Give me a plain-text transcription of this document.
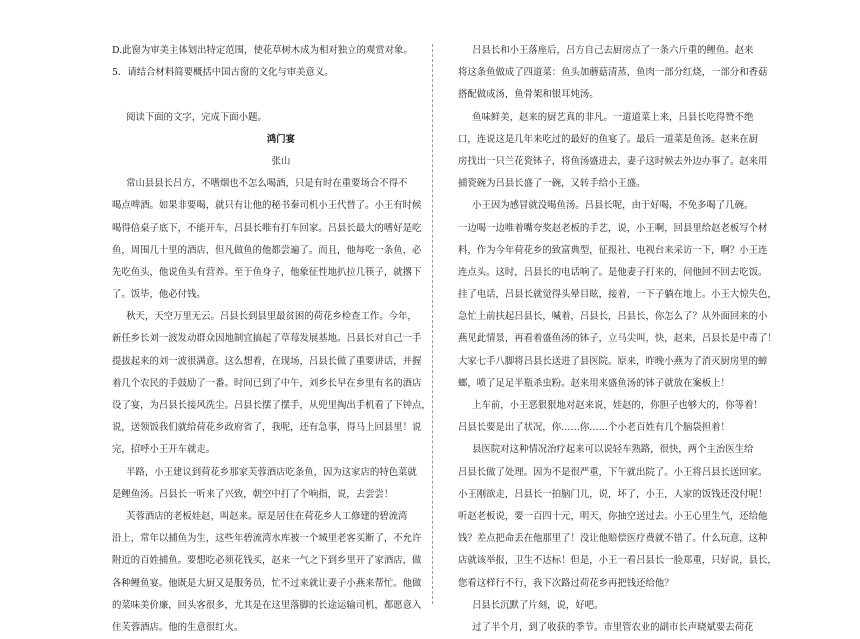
D.此窗为审美主体划出特定范围，使花草树木成为相对独立的观赏对象。
5．请结合材料简要概括中国古窗的文化与审美意义。
阅读下面的文字，完成下面小题。
鸿门宴
张山
常山县县长吕方，不嗜烟也不怎么喝酒，只是有时在重要场合不得不
喝点啤酒。如果非要喝，就只有让他的秘书秦司机小王代替了。小王有时候
喝得倍桌子底下，不能开车，吕县长唯有打车回家。吕县长最大的嗜好是吃
鱼，周围几十里的酒店，但凡做鱼的他都尝遍了。而且，他每吃一条鱼，必
先吃鱼头，他说鱼头有营养。至于鱼身子，他象征性地扒拉几筷子，就撂下
了。饭毕，他必付钱。
秋天，天空万里无云。吕县长到县里最贫困的荷花乡检查工作。今年，
新任乡长刘一波发动群众因地制宜搞起了草莓发展基地。吕县长对自己一手
提拔起来的刘一波很满意。这么想着，在现场，吕县长做了重要讲话，并握
着几个农民的手鼓励了一番。时间已到了中午，刘乡长早在乡里有名的酒店
设了宴，为吕县长接风洗尘。吕县长摆了摆手，从兜里掏出手机看了下钟点，
说，送领饭我们就给荷花乡政府省了，我呢，还有急事，得马上回县里！说
完，招呼小王开车就走。
半路，小王建议到荷花乡那家芙蓉酒店吃条鱼，因为这家店的特色菜就
是鲤鱼汤。吕县长一听来了兴致，朝空中打了个响指，说，去尝尝！
芙蓉酒店的老板娃赵，叫赵来。原是居住在荷花乡人工修建的碧流湾
沿上，常年以捕鱼为生，这些年碧流湾水库被一个城里老客买断了，不允许
附近的百姓捕鱼。要想吃必须花钱买，赵来一气之下到乡里开了家酒店，做
各种鲤鱼宴。他既是大厨又是服务员，忙不过来就让妻子小燕来帮忙。他做
的菜味美价廉，回头客很多，尤其是在这里落脚的长途运输司机，都愿意入
住芙蓉酒店。他的生意很红火。
吕县长和小王落座后，吕方自己去厨房点了一条六斤重的鲤鱼。赵来
将这条鱼做成了四道菜：鱼头加蘑菇清蒸，鱼肉一部分红烧，一部分和香菇
搭配做成汤，鱼骨架和银耳炖汤。
鱼味鲜美，赵来的厨艺真的非凡。一道道菜上来，吕县长吃得赞不绝
口，连说这是几年来吃过的最好的鱼宴了。最后一道菜是鱼汤。赵来在厨
房找出一只兰花瓷钵子，将鱼汤盛进去，妻子这时候去外边办事了。赵来用
捕瓷碗为吕县长盛了一碗，又转手给小王盛。
小王因为感冒就没喝鱼汤。吕县长呢，由于好喝，不免多喝了几碗。
一边喝一边唯着嘴夸奖赵老板的手艺，说，小王啊，回县里给赵老板写个材
料，作为今年荷花乡的致富典型，征报社、电视台来采访一下，啊？小王连
连点头。这时，吕县长的电话响了。是他妻子打来的，问他回不回去吃饭。
挂了电话，吕县长就觉得头晕目眩，接着，一下子躺在地上。小王大惊失色，
急忙上前扶起吕县长，喊着，吕县长，吕县长，你怎么了？从外面回来的小
燕见此情景，再看着盛鱼汤的钵子，立马尖叫，快，赵来，吕县长是中毒了！
大家七手八脚将吕县长送进了县医院。原来，昨晚小燕为了消灭厨房里的蟑
螂，喷了足足半瓶杀虫粉。赵来用来盛鱼汤的钵子就放在案板上！
上车前，小王恶狠狠地对赵来说，娃赵的，你胆子也够大的，你等着！
吕县长要是出了状况，你……你……个小老百姓有几个脑袋担着！
县医院对这种情况治疗起来可以说轻车熟路，很快，两个主治医生给
吕县长做了处理。因为不是很严重，下午就出院了。小王将吕县长送回家。
小王刚欲走，吕县长一拍脑门儿，说，坏了，小王，人家的饭钱还没付呢！
听赵老板说，要一百四十元，明天，你抽空送过去。小王心里生气，还给他
钱？差点把命丢在他那里了！没让他赔偿医疗费就不错了。什么玩意，这种
店就该举报，卫生不达标！但是，小王一看吕县长一脸郑重，只好说，县长，
您看这样行不行，我下次路过荷花乡再把钱还给他？
吕县长沉默了片刻，说，好吧。
过了半个月，到了收获的季节。市里管农业的副市长声晓斌要去荷花
